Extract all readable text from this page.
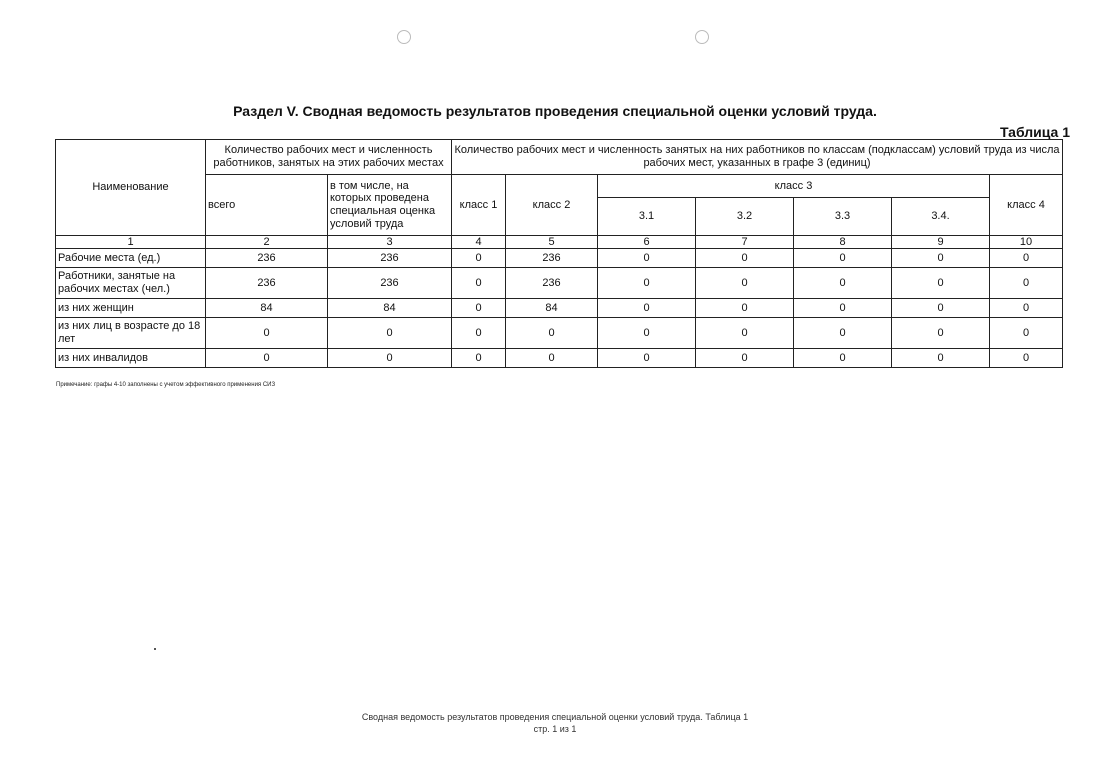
Раздел V. Сводная ведомость результатов проведения специальной оценки условий труда.
Таблица 1
Наименование	Количество рабочих мест и численность работников, занятых на этих рабочих местах		Количество рабочих мест и численность занятых на них работников по классам (подклассам) условий труда из числа рабочих мест, указанных в графе 3 (единиц)						
	всего	в том числе, на которых проведена специальная оценка условий труда	класс 1	класс 2	класс 3				класс 4
					3.1	3.2	3.3	3.4.	
1	2	3	4	5	6	7	8	9	10
Рабочие места (ед.)	236	236	0	236	0	0	0	0	0
Работники, занятые на рабочих местах (чел.)	236	236	0	236	0	0	0	0	0
из них женщин	84	84	0	84	0	0	0	0	0
из них лиц в возрасте до 18 лет	0	0	0	0	0	0	0	0	0
из них инвалидов	0	0	0	0	0	0	0	0	0
Примечание: графы 4-10 заполнены с учетом эффективного применения СИЗ
Сводная ведомость результатов проведения специальной оценки условий труда. Таблица 1
стр. 1 из 1
